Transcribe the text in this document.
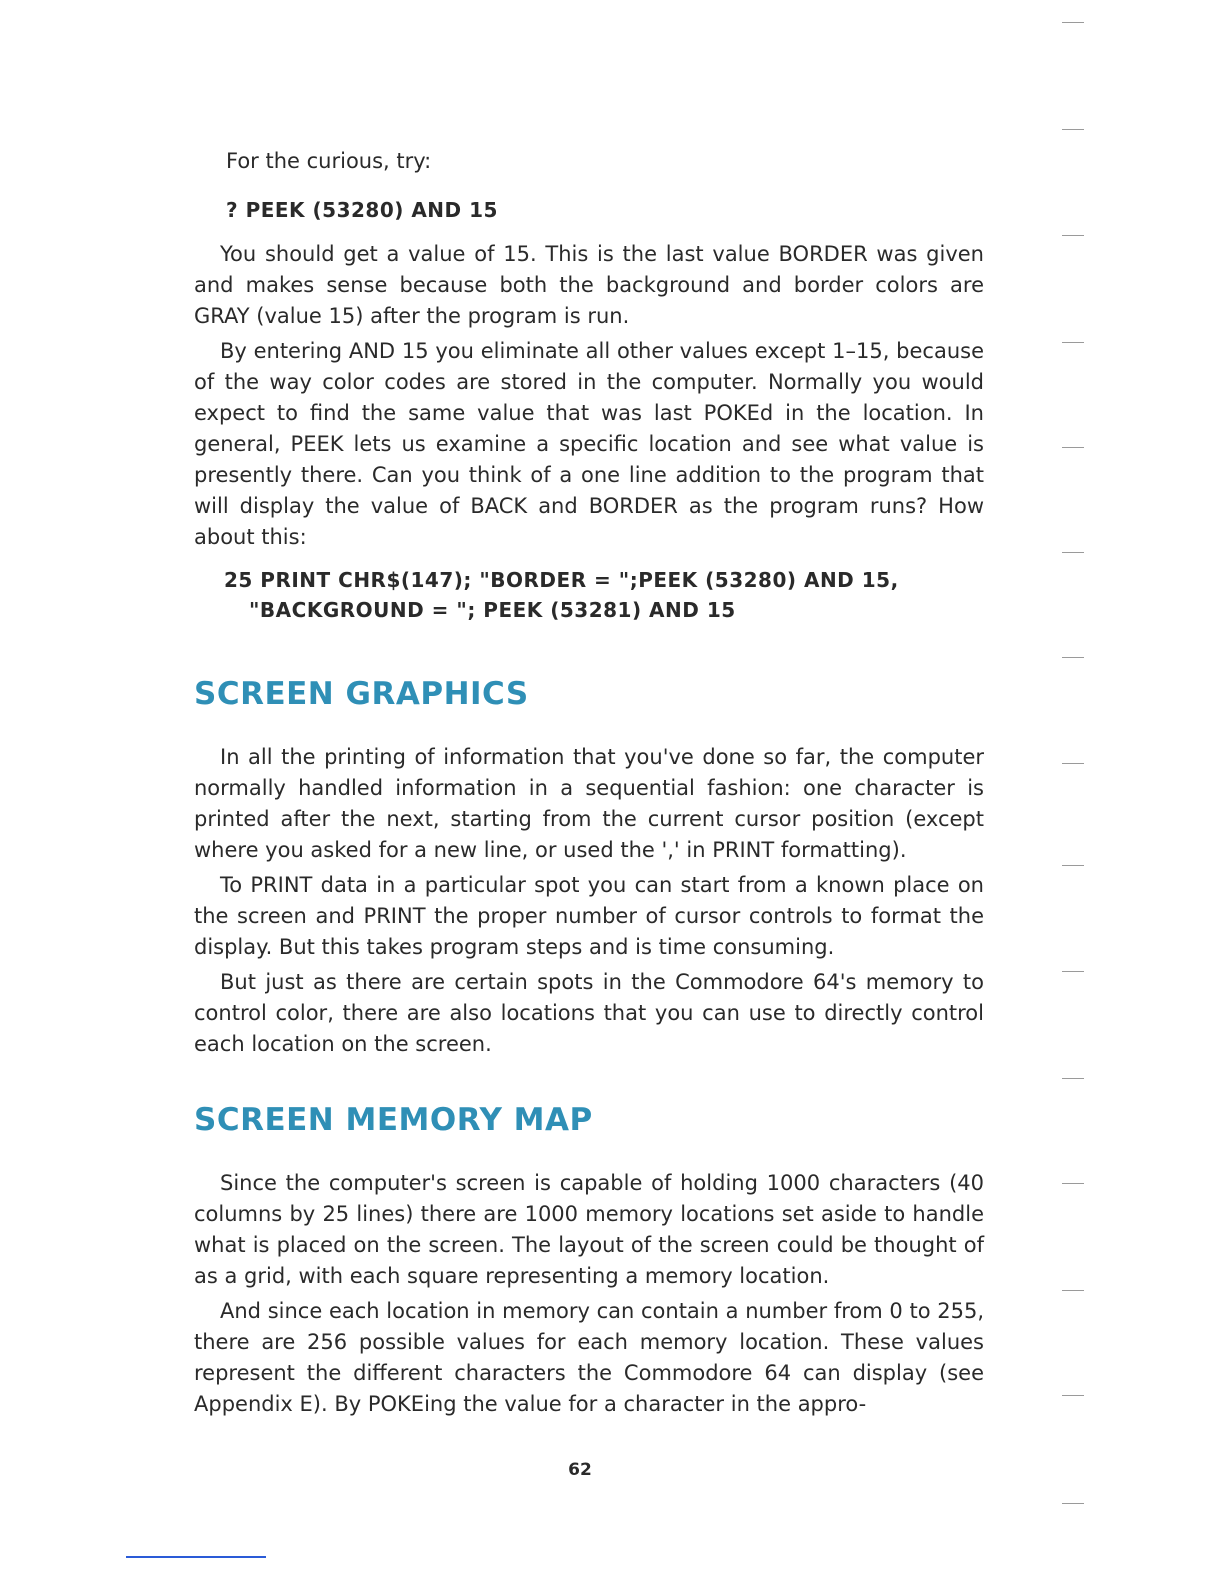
For the curious, try:

? PEEK (53280) AND 15

You should get a value of 15. This is the last value BORDER was given and makes sense because both the background and border colors are GRAY (value 15) after the program is run.

By entering AND 15 you eliminate all other values except 1–15, because of the way color codes are stored in the computer. Normally you would expect to find the same value that was last POKEd in the location. In general, PEEK lets us examine a specific location and see what value is presently there. Can you think of a one line addition to the program that will display the value of BACK and BORDER as the program runs? How about this:

25 PRINT CHR$(147); "BORDER = ";PEEK (53280) AND 15, "BACKGROUND = "; PEEK (53281) AND 15
SCREEN GRAPHICS

In all the printing of information that you've done so far, the computer normally handled information in a sequential fashion: one character is printed after the next, starting from the current cursor position (except where you asked for a new line, or used the ',' in PRINT formatting).

To PRINT data in a particular spot you can start from a known place on the screen and PRINT the proper number of cursor controls to format the display. But this takes program steps and is time consuming.

But just as there are certain spots in the Commodore 64's memory to control color, there are also locations that you can use to directly control each location on the screen.

SCREEN MEMORY MAP

Since the computer's screen is capable of holding 1000 characters (40 columns by 25 lines) there are 1000 memory locations set aside to handle what is placed on the screen. The layout of the screen could be thought of as a grid, with each square representing a memory location.

And since each location in memory can contain a number from 0 to 255, there are 256 possible values for each memory location. These values represent the different characters the Commodore 64 can display (see Appendix E). By POKEing the value for a character in the appro-

62
